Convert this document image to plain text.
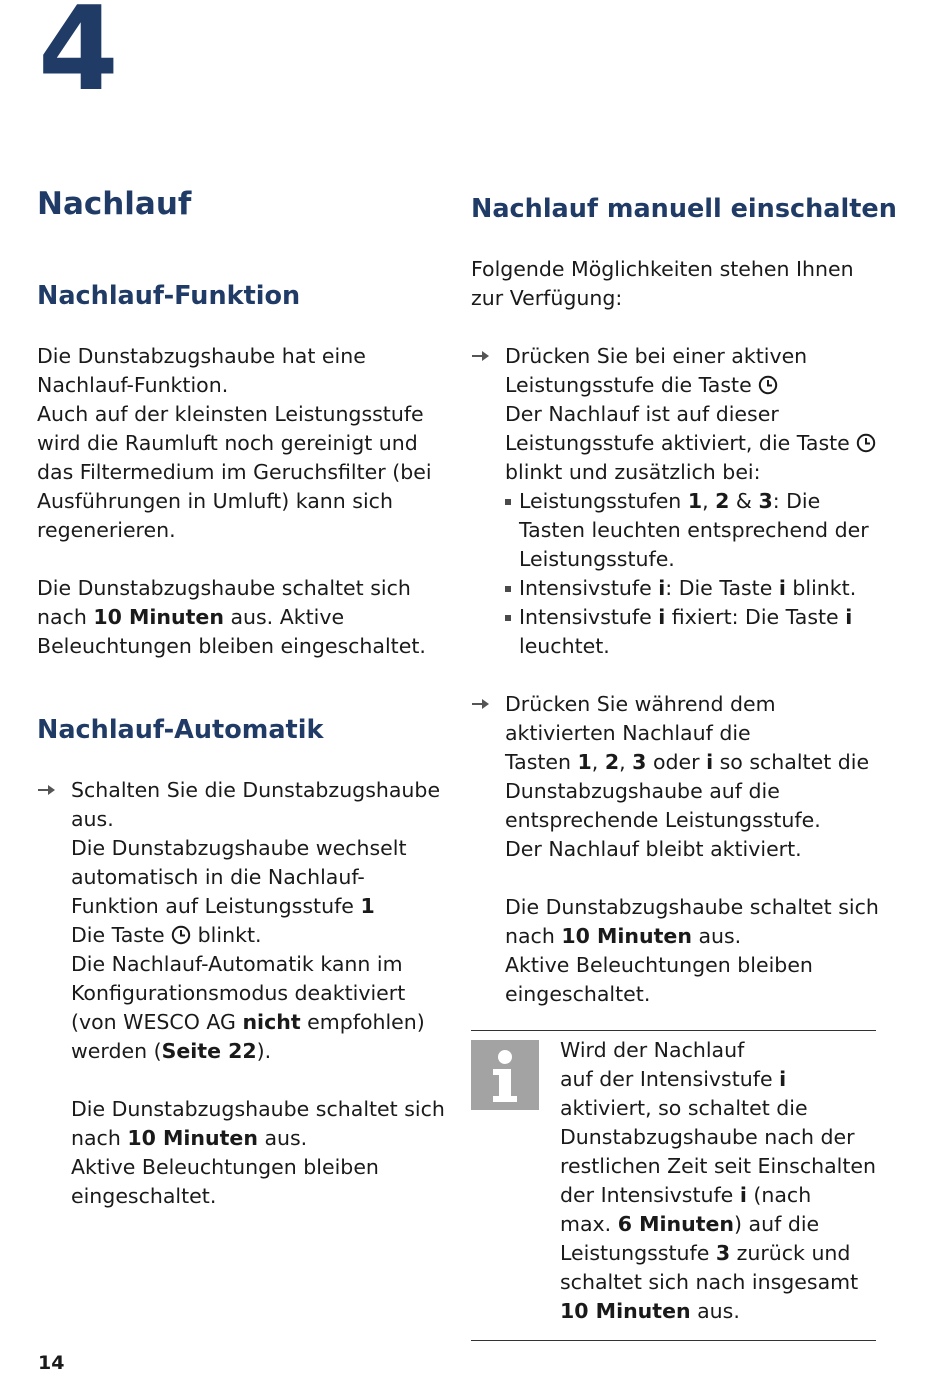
4
Nachlauf
Nachlauf-Funktion
Die Dunstabzugshaube hat eine
Nachlauf-Funktion.
Auch auf der kleinsten Leistungsstufe
wird die Raumluft noch gereinigt und
das Filtermedium im Geruchsfilter (bei
Ausführungen in Umluft) kann sich
regenerieren.
Die Dunstabzugshaube schaltet sich
nach 10 Minuten aus. Aktive
Beleuchtungen bleiben eingeschaltet.
Nachlauf-Automatik
Schalten Sie die Dunstabzugshaube
aus.
Die Dunstabzugshaube wechselt
automatisch in die Nachlauf-
Funktion auf Leistungsstufe 1
Die Taste  blinkt.
Die Nachlauf-Automatik kann im
Konfigurationsmodus deaktiviert
(von WESCO AG nicht empfohlen)
werden (Seite 22).
Die Dunstabzugshaube schaltet sich
nach 10 Minuten aus.
Aktive Beleuchtungen bleiben
eingeschaltet.
Nachlauf manuell einschalten
Folgende Möglichkeiten stehen Ihnen
zur Verfügung:
Drücken Sie bei einer aktiven
Leistungsstufe die Taste
Der Nachlauf ist auf dieser
Leistungsstufe aktiviert, die Taste
blinkt und zusätzlich bei:
Leistungsstufen 1, 2 & 3: Die
Tasten leuchten entsprechend der
Leistungsstufe.
Intensivstufe i: Die Taste i blinkt.
Intensivstufe i fixiert: Die Taste i
leuchtet.
Drücken Sie während dem
aktivierten Nachlauf die
Tasten 1, 2, 3 oder i so schaltet die
Dunstabzugshaube auf die
entsprechende Leistungsstufe.
Der Nachlauf bleibt aktiviert.
Die Dunstabzugshaube schaltet sich
nach 10 Minuten aus.
Aktive Beleuchtungen bleiben
eingeschaltet.
Wird der Nachlauf
auf der Intensivstufe i
aktiviert, so schaltet die
Dunstabzugshaube nach der
restlichen Zeit seit Einschalten
der Intensivstufe i (nach
max. 6 Minuten) auf die
Leistungsstufe 3 zurück und
schaltet sich nach insgesamt
10 Minuten aus.
14
